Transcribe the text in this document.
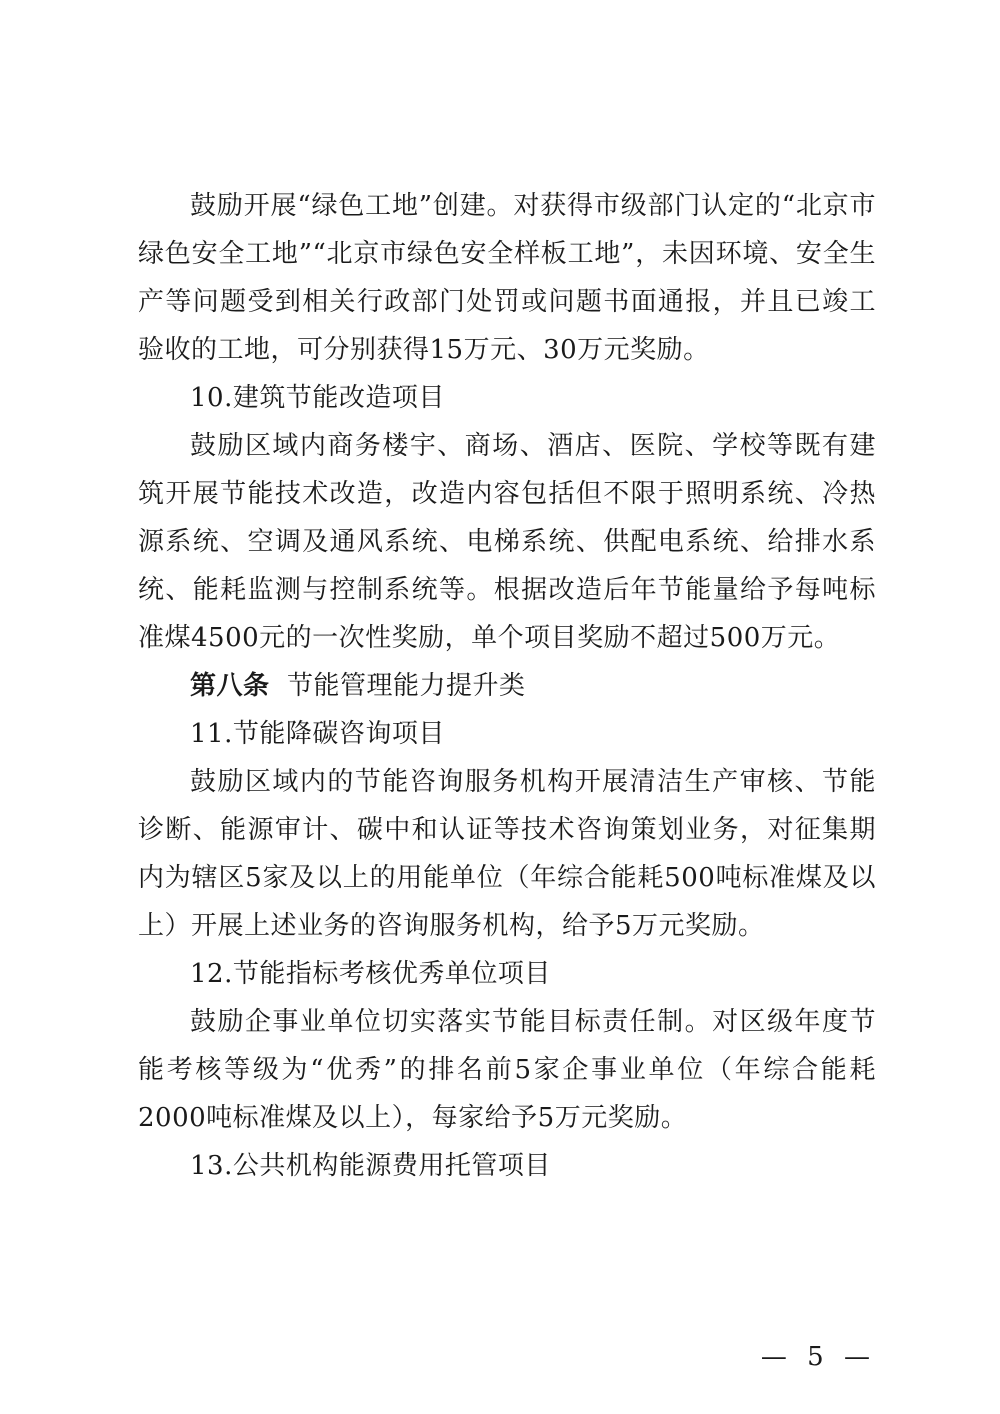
鼓励开展“绿色工地”创建。对获得市级部门认定的“北京市绿色安全工地”“北京市绿色安全样板工地”，未因环境、安全生产等问题受到相关行政部门处罚或问题书面通报，并且已竣工验收的工地，可分别获得15万元、30万元奖励。

10.建筑节能改造项目

鼓励区域内商务楼宇、商场、酒店、医院、学校等既有建筑开展节能技术改造，改造内容包括但不限于照明系统、冷热源系统、空调及通风系统、电梯系统、供配电系统、给排水系统、能耗监测与控制系统等。根据改造后年节能量给予每吨标准煤4500元的一次性奖励，单个项目奖励不超过500万元。

第八条 节能管理能力提升类

11.节能降碳咨询项目

鼓励区域内的节能咨询服务机构开展清洁生产审核、节能诊断、能源审计、碳中和认证等技术咨询策划业务，对征集期内为辖区5家及以上的用能单位（年综合能耗500吨标准煤及以上）开展上述业务的咨询服务机构，给予5万元奖励。

12.节能指标考核优秀单位项目

鼓励企事业单位切实落实节能目标责任制。对区级年度节能考核等级为“优秀”的排名前5家企事业单位（年综合能耗2000吨标准煤及以上），每家给予5万元奖励。

13.公共机构能源费用托管项目

— 5 —
